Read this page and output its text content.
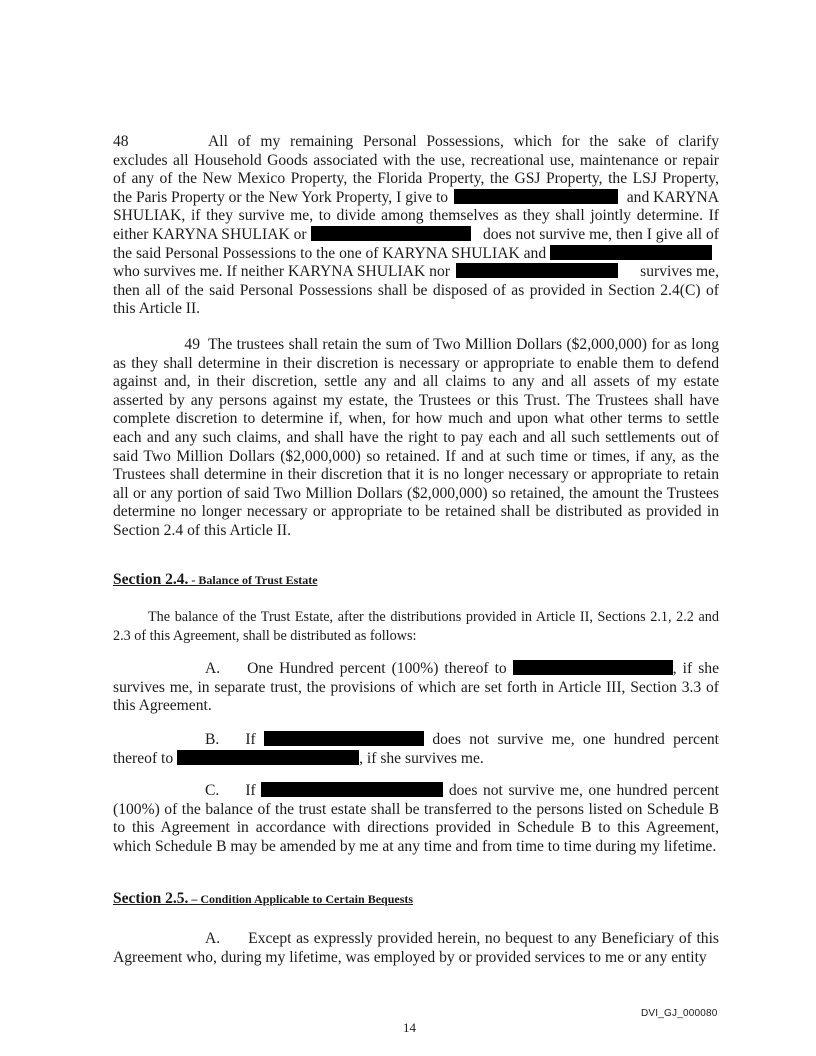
48	All of my remaining Personal Possessions, which for the sake of clarify
excludes all Household Goods associated with the use, recreational use, maintenance or repair
of any of the New Mexico Property, the Florida Property, the GSJ Property, the LSJ Property,
the Paris Property or the New York Property, I give to	and KARYNA
SHULIAK, if they survive me, to divide among themselves as they shall jointly determine. If
either KARYNA SHULIAK or	does not survive me, then I give all of
the said Personal Possessions to the one of KARYNA SHULIAK and
who survives me. If neither KARYNA SHULIAK nor	survives me,
then all of the said Personal Possessions shall be disposed of as provided in Section 2.4(C) of
this Article II.
49 The trustees shall retain the sum of Two Million Dollars ($2,000,000) for as long as they shall determine in their discretion is necessary or appropriate to enable them to defend against and, in their discretion, settle any and all claims to any and all assets of my estate asserted by any persons against my estate, the Trustees or this Trust. The Trustees shall have complete discretion to determine if, when, for how much and upon what other terms to settle each and any such claims, and shall have the right to pay each and all such settlements out of said Two Million Dollars ($2,000,000) so retained. If and at such time or times, if any, as the Trustees shall determine in their discretion that it is no longer necessary or appropriate to retain all or any portion of said Two Million Dollars ($2,000,000) so retained, the amount the Trustees determine no longer necessary or appropriate to be retained shall be distributed as provided in Section 2.4 of this Article II.
Section 2.4. - Balance of Trust Estate
The balance of the Trust Estate, after the distributions provided in Article II, Sections 2.1, 2.2 and 2.3 of this Agreement, shall be distributed as follows:
A. One Hundred percent (100%) thereof to	, if she survives me, in separate trust, the provisions of which are set forth in Article III, Section 3.3 of this Agreement.
B. If	does not survive me, one hundred percent thereof to	, if she survives me.
C. If	does not survive me, one hundred percent (100%) of the balance of the trust estate shall be transferred to the persons listed on Schedule B to this Agreement in accordance with directions provided in Schedule B to this Agreement, which Schedule B may be amended by me at any time and from time to time during my lifetime.
Section 2.5. – Condition Applicable to Certain Bequests
A. Except as expressly provided herein, no bequest to any Beneficiary of this Agreement who, during my lifetime, was employed by or provided services to me or any entity
DVI_GJ_000080
14
